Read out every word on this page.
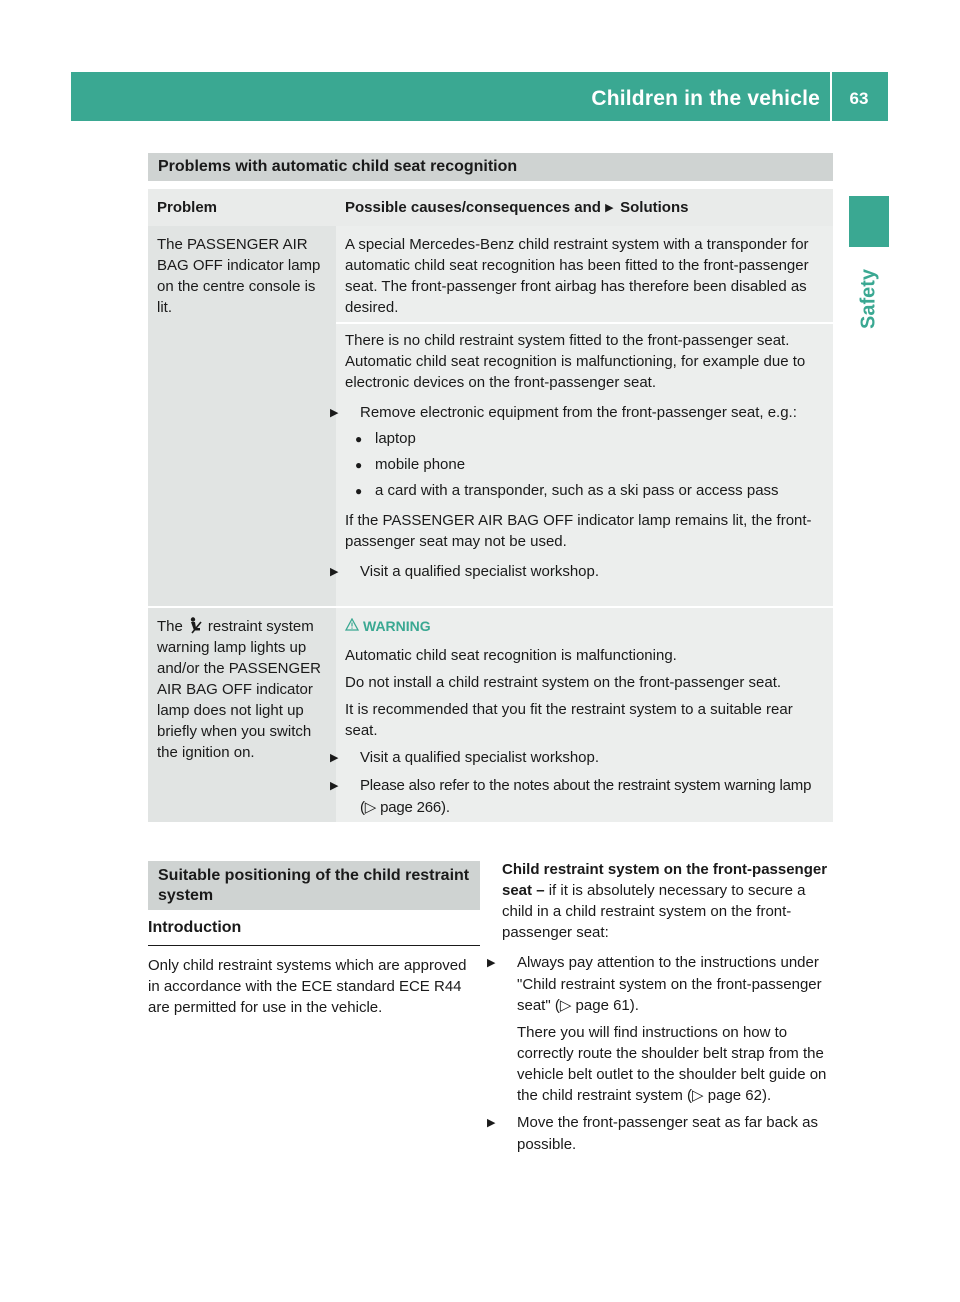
Children in the vehicle	63
Safety
Problems with automatic child seat recognition
Problem	Possible causes/consequences and ▶ Solutions

The PASSENGER AIR BAG OFF indicator lamp on the centre console is lit.

A special Mercedes-Benz child restraint system with a transponder for automatic child seat recognition has been fitted to the front-passenger seat. The front-passenger front airbag has therefore been disabled as desired.

There is no child restraint system fitted to the front-passenger seat. Automatic child seat recognition is malfunctioning, for example due to electronic devices on the front-passenger seat.

▶ Remove electronic equipment from the front-passenger seat, e.g.:

● laptop

● mobile phone

● a card with a transponder, such as a ski pass or access pass

If the PASSENGER AIR BAG OFF indicator lamp remains lit, the front-passenger seat may not be used.

▶ Visit a qualified specialist workshop.

The restraint system warning lamp lights up and/or the PASSENGER AIR BAG OFF indicator lamp does not light up briefly when you switch the ignition on.

WARNING

Automatic child seat recognition is malfunctioning.

Do not install a child restraint system on the front-passenger seat.

It is recommended that you fit the restraint system to a suitable rear seat.

▶ Visit a qualified specialist workshop.

▶ Please also refer to the notes about the restraint system warning lamp (▷ page 266).

Suitable positioning of the child restraint system
Introduction
Only child restraint systems which are approved in accordance with the ECE standard ECE R44 are permitted for use in the vehicle.

Child restraint system on the front-passenger seat – if it is absolutely necessary to secure a child in a child restraint system on the front-passenger seat:

▶ Always pay attention to the instructions under "Child restraint system on the front-passenger seat" (▷ page 61).

There you will find instructions on how to correctly route the shoulder belt strap from the vehicle belt outlet to the shoulder belt guide on the child restraint system (▷ page 62).

▶ Move the front-passenger seat as far back as possible.
